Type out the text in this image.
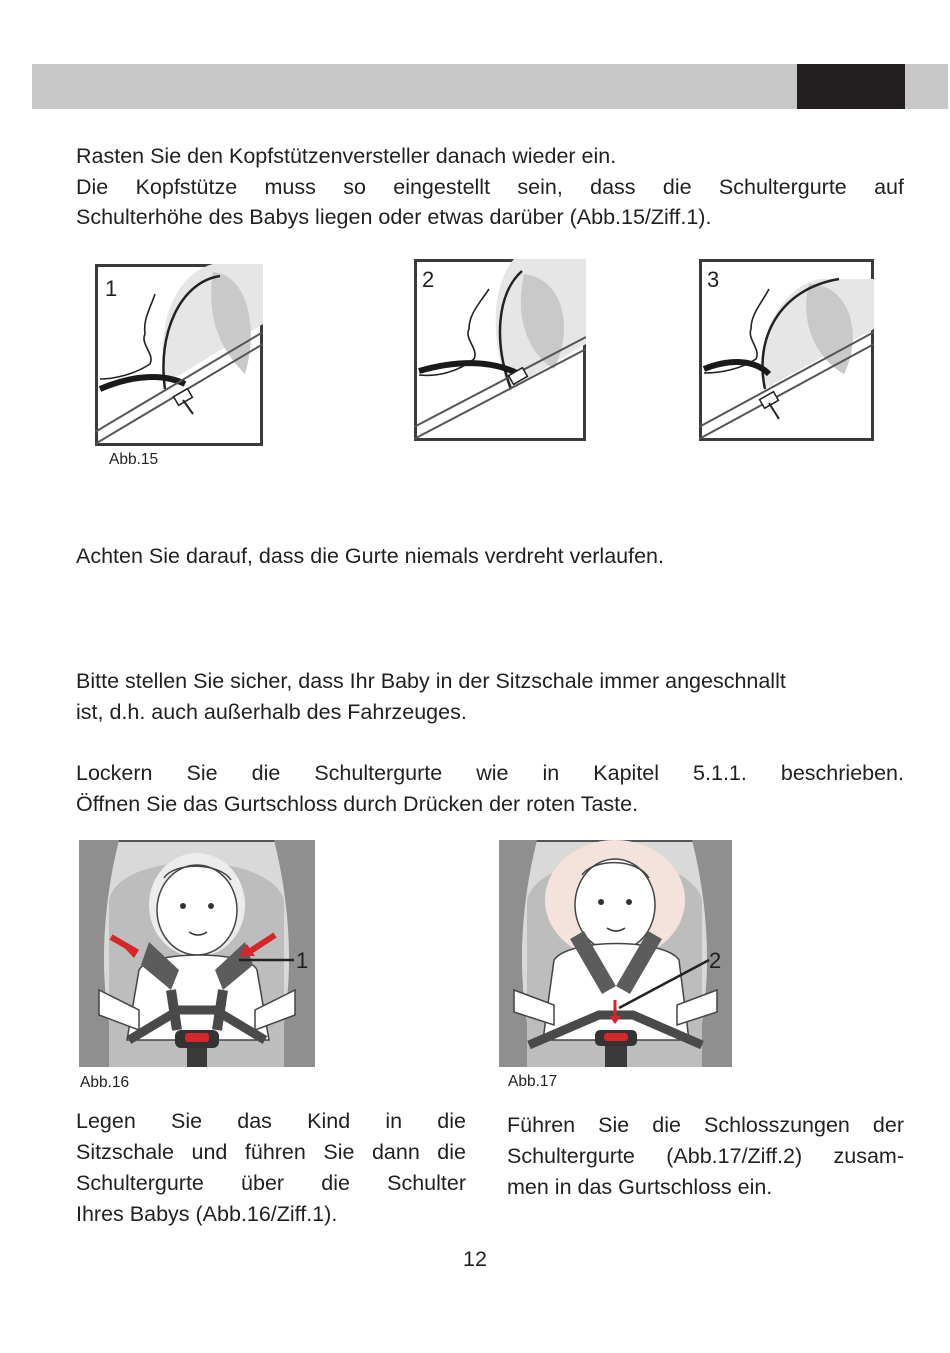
Rasten Sie den Kopfstützenversteller danach wieder ein.
Die Kopfstütze muss so eingestellt sein, dass die Schultergurte auf
Schulterhöhe des Babys liegen oder etwas darüber (Abb.15/Ziff.1).
1	2	3
Abb.15
Achten Sie darauf, dass die Gurte niemals verdreht verlaufen.
Bitte stellen Sie sicher, dass Ihr Baby in der Sitzschale immer angeschnallt
ist, d.h. auch außerhalb des Fahrzeuges.
Lockern Sie die Schultergurte wie in Kapitel 5.1.1. beschrieben.
Öffnen Sie das Gurtschloss durch Drücken der roten Taste.
1
Abb.16
2
Abb.17
Legen Sie das Kind in die
Sitzschale und führen Sie dann die
Schultergurte über die Schulter
Ihres Babys (Abb.16/Ziff.1).
Führen Sie die Schlosszungen der
Schultergurte (Abb.17/Ziff.2) zusam-
men in das Gurtschloss ein.
12
